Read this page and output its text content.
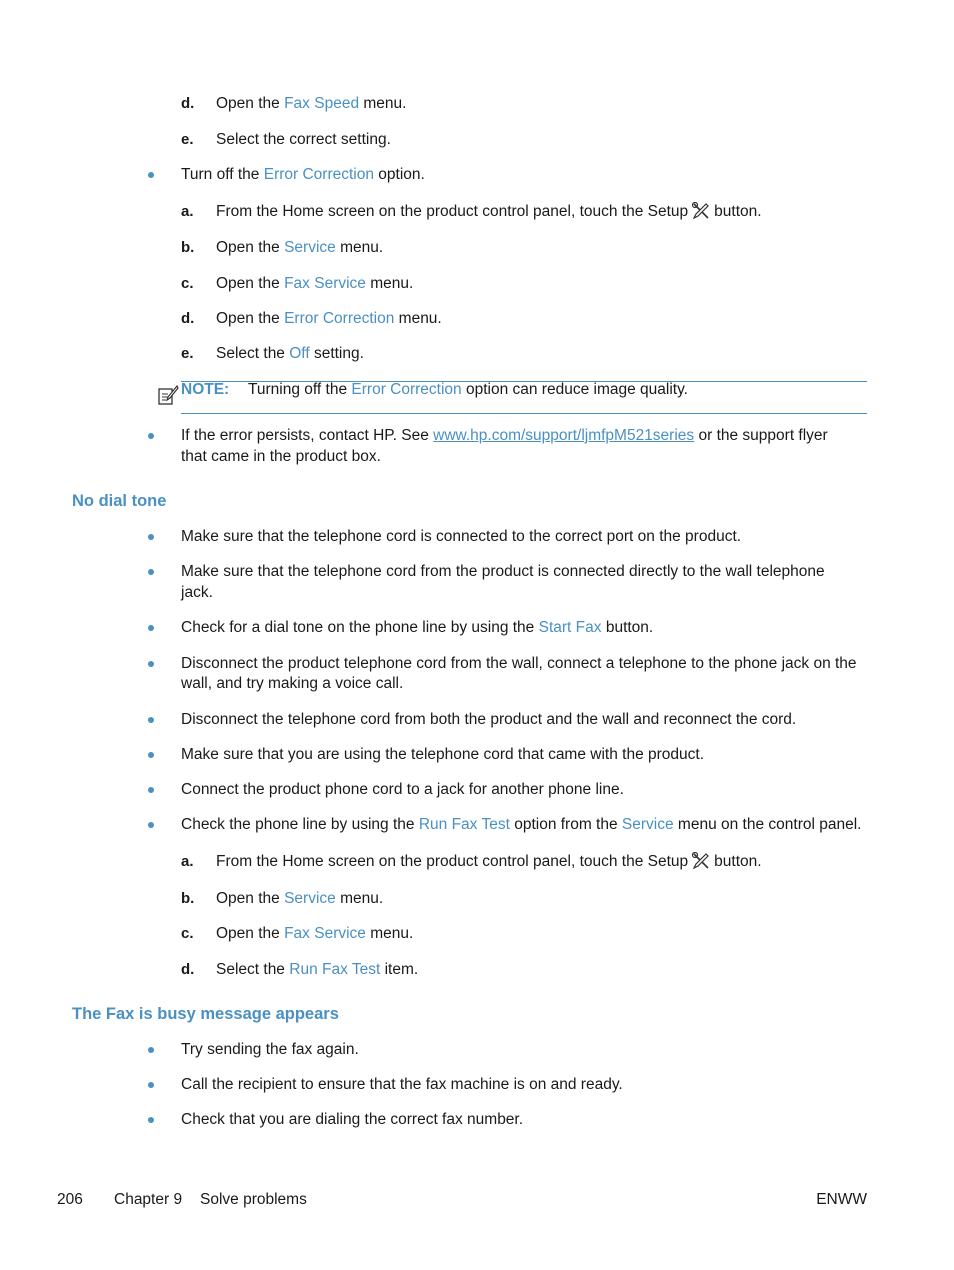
d. Open the Fax Speed menu.
e. Select the correct setting.
Turn off the Error Correction option.
a. From the Home screen on the product control panel, touch the Setup button.
b. Open the Service menu.
c. Open the Fax Service menu.
d. Open the Error Correction menu.
e. Select the Off setting.
NOTE: Turning off the Error Correction option can reduce image quality.
If the error persists, contact HP. See www.hp.com/support/ljmfpM521series or the support flyer
that came in the product box.
No dial tone
Make sure that the telephone cord is connected to the correct port on the product.
Make sure that the telephone cord from the product is connected directly to the wall telephone
jack.
Check for a dial tone on the phone line by using the Start Fax button.
Disconnect the product telephone cord from the wall, connect a telephone to the phone jack on the
wall, and try making a voice call.
Disconnect the telephone cord from both the product and the wall and reconnect the cord.
Make sure that you are using the telephone cord that came with the product.
Connect the product phone cord to a jack for another phone line.
Check the phone line by using the Run Fax Test option from the Service menu on the control panel.
a. From the Home screen on the product control panel, touch the Setup button.
b. Open the Service menu.
c. Open the Fax Service menu.
d. Select the Run Fax Test item.
The Fax is busy message appears
Try sending the fax again.
Call the recipient to ensure that the fax machine is on and ready.
Check that you are dialing the correct fax number.
206 Chapter 9 Solve problems	ENWW
